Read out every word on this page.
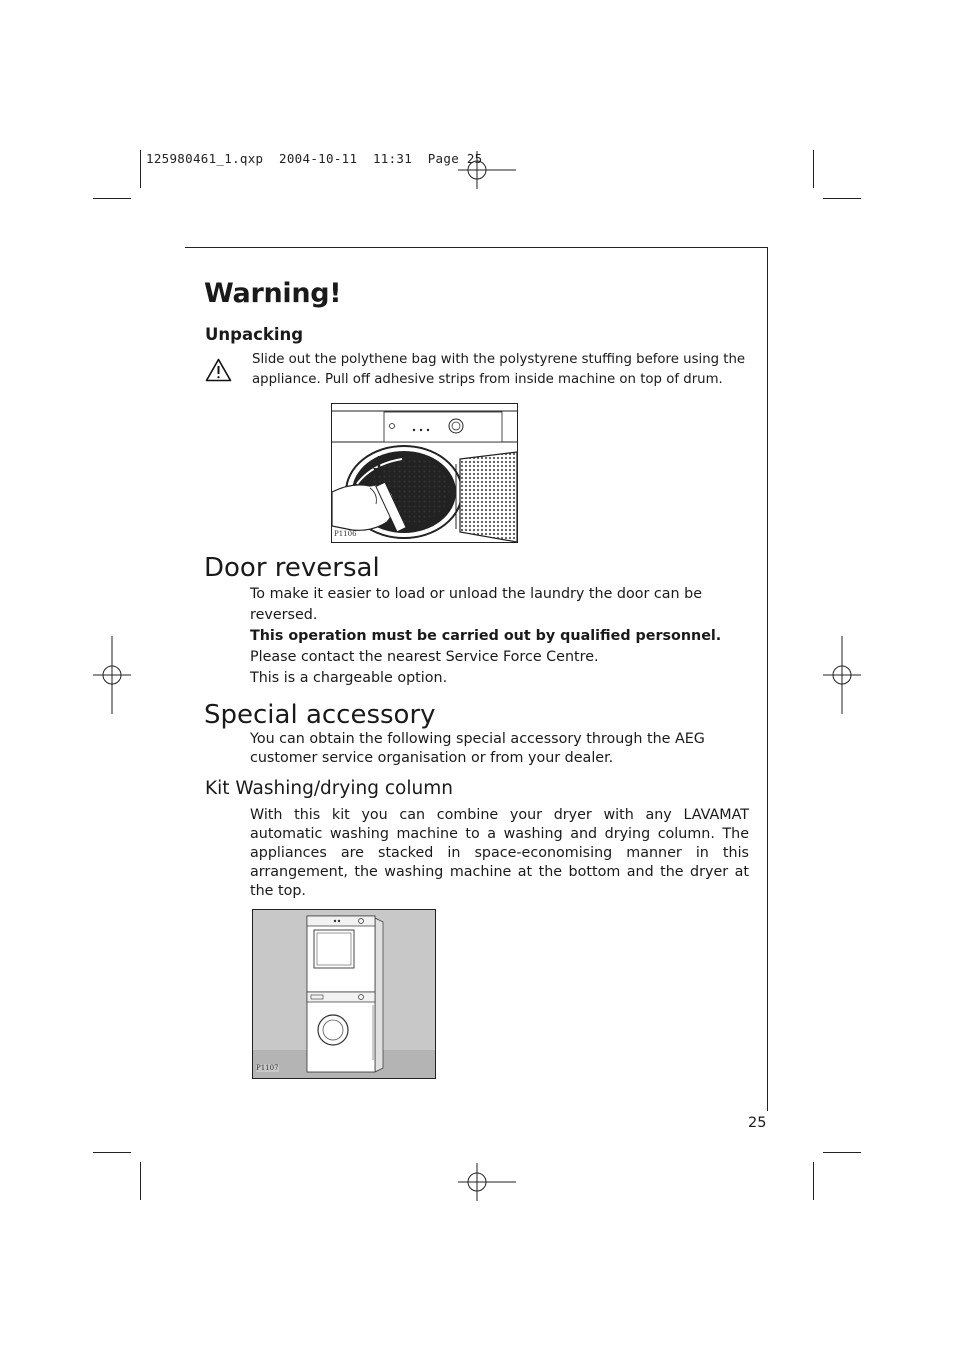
125980461_1.qxp  2004-10-11  11:31  Page 25
Warning!
Unpacking
Slide out the polythene bag with the polystyrene stuffing before using the appliance. Pull off adhesive strips from inside machine on top of drum.
P1106
Door reversal
To make it easier to load or unload the laundry the door can be reversed.
This operation must be carried out by qualified personnel.
Please contact the nearest Service Force Centre.
This is a chargeable option.
Special accessory
You can obtain the following special accessory through the AEG customer service organisation or from your dealer.
Kit Washing/drying column
With this kit you can combine your dryer with any LAVAMAT automatic washing machine to a washing and drying column. The appliances are stacked in space-economising manner in this arrangement, the washing machine at the bottom and the dryer at the top.
P1107
25
